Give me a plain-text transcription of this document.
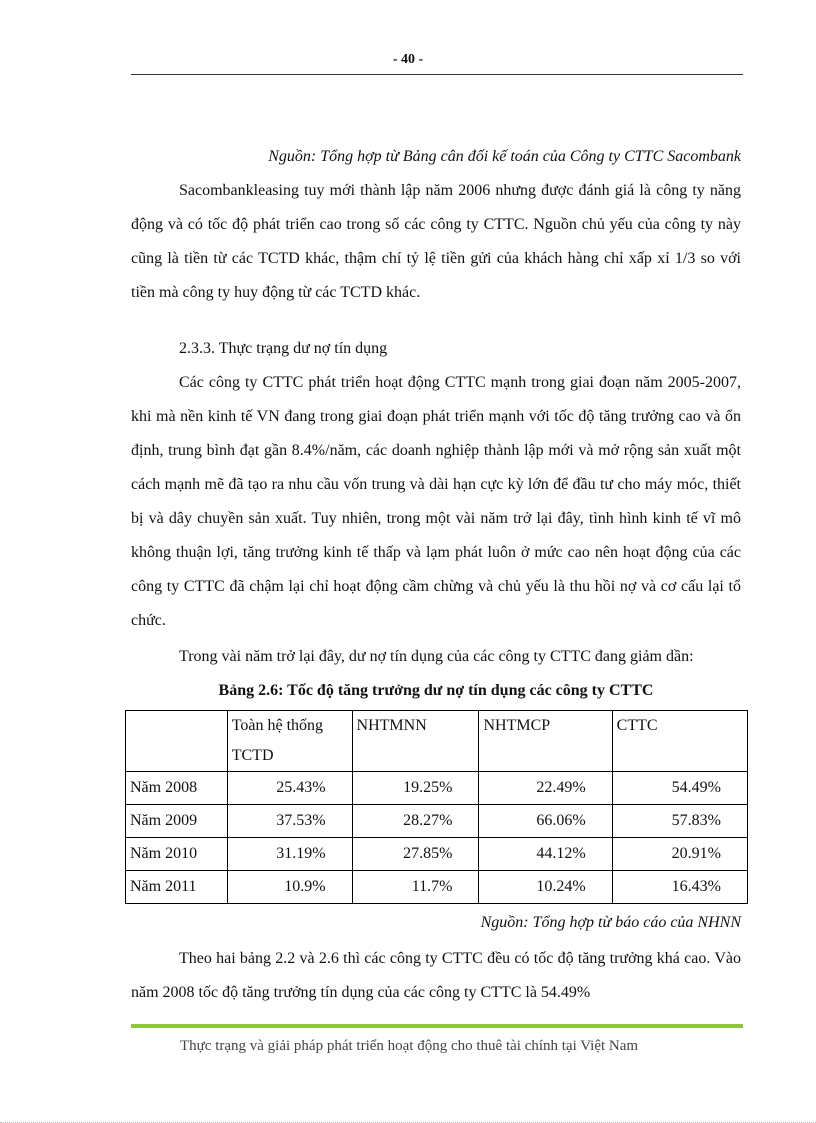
- 40 -
Nguồn: Tổng hợp từ Bảng cân đối kế toán của Công ty CTTC Sacombank

Sacombankleasing tuy mới thành lập năm 2006 nhưng được đánh giá là công ty năng động và có tốc độ phát triển cao trong số các công ty CTTC. Nguồn chủ yếu của công ty này cũng là tiền từ các TCTD khác, thậm chí tỷ lệ tiền gửi của khách hàng chỉ xấp xỉ 1/3 so với tiền mà công ty huy động từ các TCTD khác.

2.3.3. Thực trạng dư nợ tín dụng

Các công ty CTTC phát triển hoạt động CTTC mạnh trong giai đoạn năm 2005-2007, khi mà nền kinh tế VN đang trong giai đoạn phát triển mạnh với tốc độ tăng trưởng cao và ổn định, trung bình đạt gần 8.4%/năm, các doanh nghiệp thành lập mới và mở rộng sản xuất một cách mạnh mẽ đã tạo ra nhu cầu vốn trung và dài hạn cực kỳ lớn để đầu tư cho máy móc, thiết bị và dây chuyền sản xuất. Tuy nhiên, trong một vài năm trở lại đây, tình hình kinh tế vĩ mô không thuận lợi, tăng trưởng kinh tế thấp và lạm phát luôn ở mức cao nên hoạt động của các công ty CTTC đã chậm lại chỉ hoạt động cầm chừng và chủ yếu là thu hồi nợ và cơ cấu lại tổ chức.

Trong vài năm trở lại đây, dư nợ tín dụng của các công ty CTTC đang giảm dần:

Bảng 2.6: Tốc độ tăng trưởng dư nợ tín dụng các công ty CTTC
	Toàn hệ thống TCTD	NHTMNN	NHTMCP	CTTC
Năm 2008	25.43%	19.25%	22.49%	54.49%
Năm 2009	37.53%	28.27%	66.06%	57.83%
Năm 2010	31.19%	27.85%	44.12%	20.91%
Năm 2011	10.9%	11.7%	10.24%	16.43%
Nguồn: Tổng hợp từ báo cáo của NHNN

Theo hai bảng 2.2 và 2.6 thì các công ty CTTC đều có tốc độ tăng trưởng khá cao. Vào năm 2008 tốc độ tăng trưởng tín dụng của các công ty CTTC là 54.49%

Thực trạng và giải pháp phát triển hoạt động cho thuê tài chính tại Việt Nam
